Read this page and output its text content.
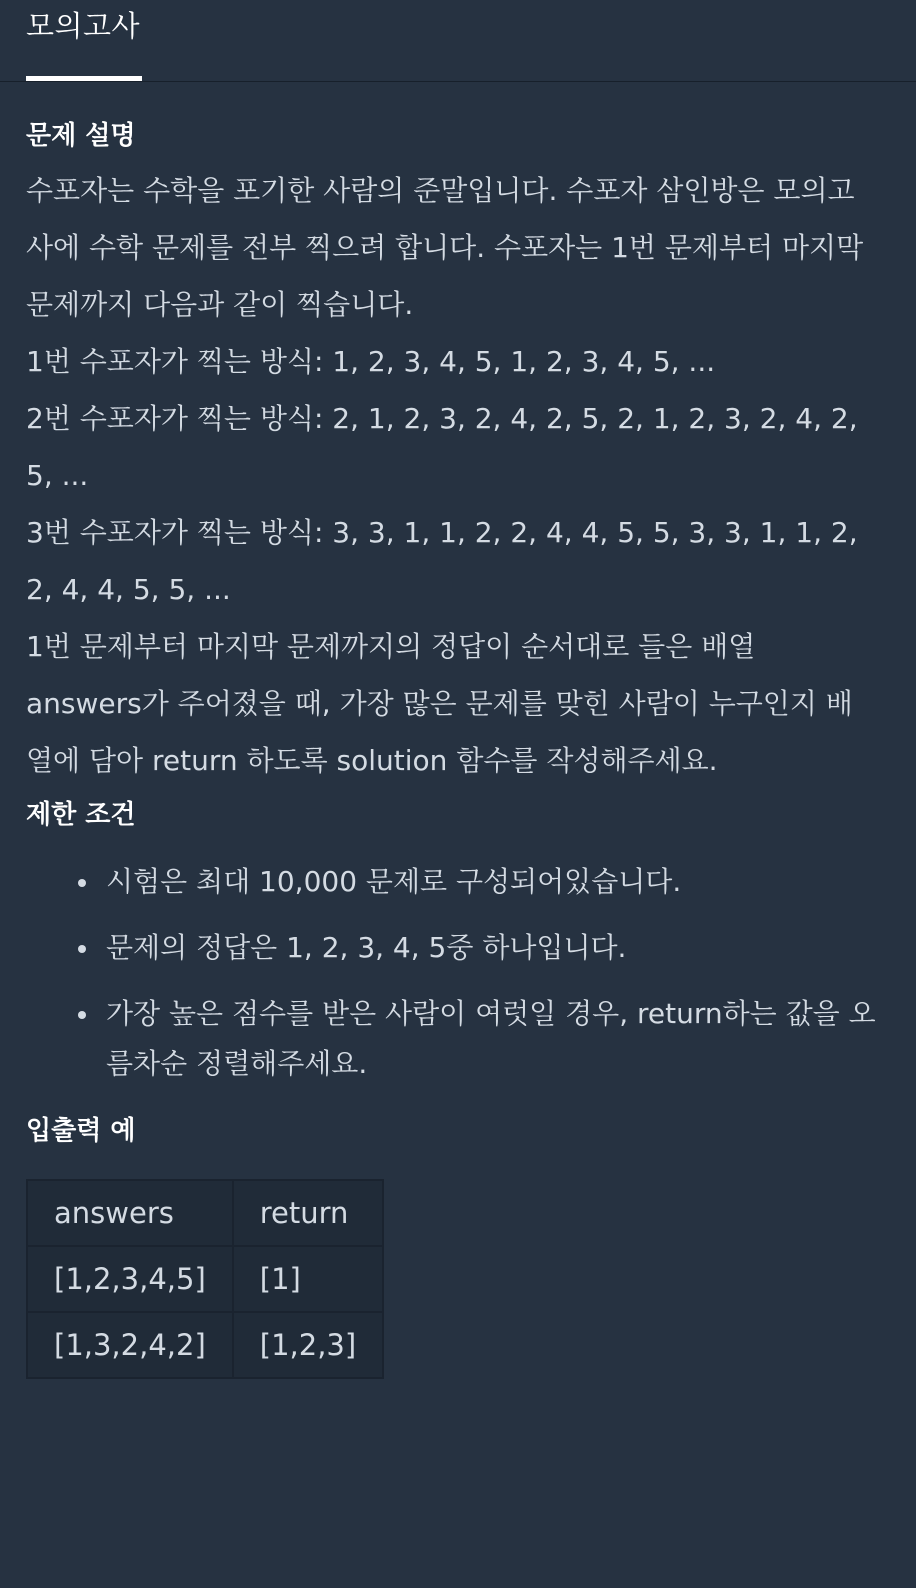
모의고사
문제 설명

수포자는 수학을 포기한 사람의 준말입니다. 수포자 삼인방은 모의고사에 수학 문제를 전부 찍으려 합니다. 수포자는 1번 문제부터 마지막 문제까지 다음과 같이 찍습니다.

1번 수포자가 찍는 방식: 1, 2, 3, 4, 5, 1, 2, 3, 4, 5, ...
2번 수포자가 찍는 방식: 2, 1, 2, 3, 2, 4, 2, 5, 2, 1, 2, 3, 2, 4, 2, 5, ...
3번 수포자가 찍는 방식: 3, 3, 1, 1, 2, 2, 4, 4, 5, 5, 3, 3, 1, 1, 2, 2, 4, 4, 5, 5, ...

1번 문제부터 마지막 문제까지의 정답이 순서대로 들은 배열 answers가 주어졌을 때, 가장 많은 문제를 맞힌 사람이 누구인지 배열에 담아 return 하도록 solution 함수를 작성해주세요.

제한 조건
시험은 최대 10,000 문제로 구성되어있습니다.
문제의 정답은 1, 2, 3, 4, 5중 하나입니다.
가장 높은 점수를 받은 사람이 여럿일 경우, return하는 값을 오름차순 정렬해주세요.
입출력 예
answers	return
[1,2,3,4,5]	[1]
[1,3,2,4,2]	[1,2,3]
